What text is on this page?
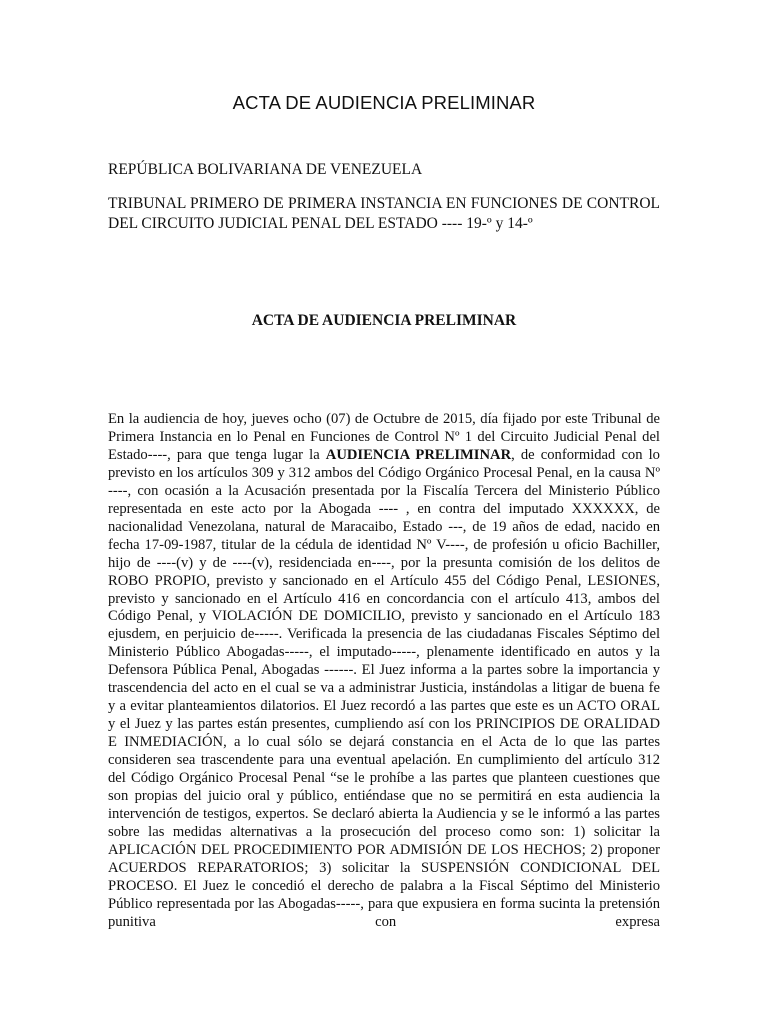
ACTA DE AUDIENCIA PRELIMINAR
REPÚBLICA BOLIVARIANA DE VENEZUELA
TRIBUNAL PRIMERO DE PRIMERA INSTANCIA EN FUNCIONES DE CONTROL DEL CIRCUITO JUDICIAL PENAL DEL ESTADO ---- 19-º y 14-º
ACTA DE AUDIENCIA PRELIMINAR
En la audiencia de hoy, jueves ocho (07) de Octubre de 2015, día fijado por este Tribunal de Primera Instancia en lo Penal en Funciones de Control Nº 1 del Circuito Judicial Penal del Estado----, para que tenga lugar la AUDIENCIA PRELIMINAR, de conformidad con lo previsto en los artículos 309 y 312 ambos del Código Orgánico Procesal Penal, en la causa Nº ----, con ocasión a la Acusación presentada por la Fiscalía Tercera del Ministerio Público representada en este acto por la Abogada ---- , en contra del imputado XXXXXX, de nacionalidad Venezolana, natural de Maracaibo, Estado ---, de 19 años de edad, nacido en fecha 17-09-1987, titular de la cédula de identidad Nº V----, de profesión u oficio Bachiller, hijo de ----(v) y de ----(v), residenciada en----, por la presunta comisión de los delitos de ROBO PROPIO, previsto y sancionado en el Artículo 455 del Código Penal, LESIONES, previsto y sancionado en el Artículo 416 en concordancia con el artículo 413, ambos del Código Penal, y VIOLACIÓN DE DOMICILIO, previsto y sancionado en el Artículo 183 ejusdem, en perjuicio de-----. Verificada la presencia de las ciudadanas Fiscales Séptimo del Ministerio Público Abogadas-----, el imputado-----, plenamente identificado en autos y la Defensora Pública Penal, Abogadas ------. El Juez informa a la partes sobre la importancia y trascendencia del acto en el cual se va a administrar Justicia, instándolas a litigar de buena fe y a evitar planteamientos dilatorios. El Juez recordó a las partes que este es un ACTO ORAL y el Juez y las partes están presentes, cumpliendo así con los PRINCIPIOS DE ORALIDAD E INMEDIACIÓN, a lo cual sólo se dejará constancia en el Acta de lo que las partes consideren sea trascendente para una eventual apelación. En cumplimiento del artículo 312 del Código Orgánico Procesal Penal “se le prohíbe a las partes que planteen cuestiones que son propias del juicio oral y público, entiéndase que no se permitirá en esta audiencia la intervención de testigos, expertos. Se declaró abierta la Audiencia y se le informó a las partes sobre las medidas alternativas a la prosecución del proceso como son: 1) solicitar la APLICACIÓN DEL PROCEDIMIENTO POR ADMISIÓN DE LOS HECHOS; 2) proponer ACUERDOS REPARATORIOS; 3) solicitar la SUSPENSIÓN CONDICIONAL DEL PROCESO. El Juez le concedió el derecho de palabra a la Fiscal Séptimo del Ministerio Público representada por las Abogadas-----, para que expusiera en forma sucinta la pretensión punitiva con expresa
